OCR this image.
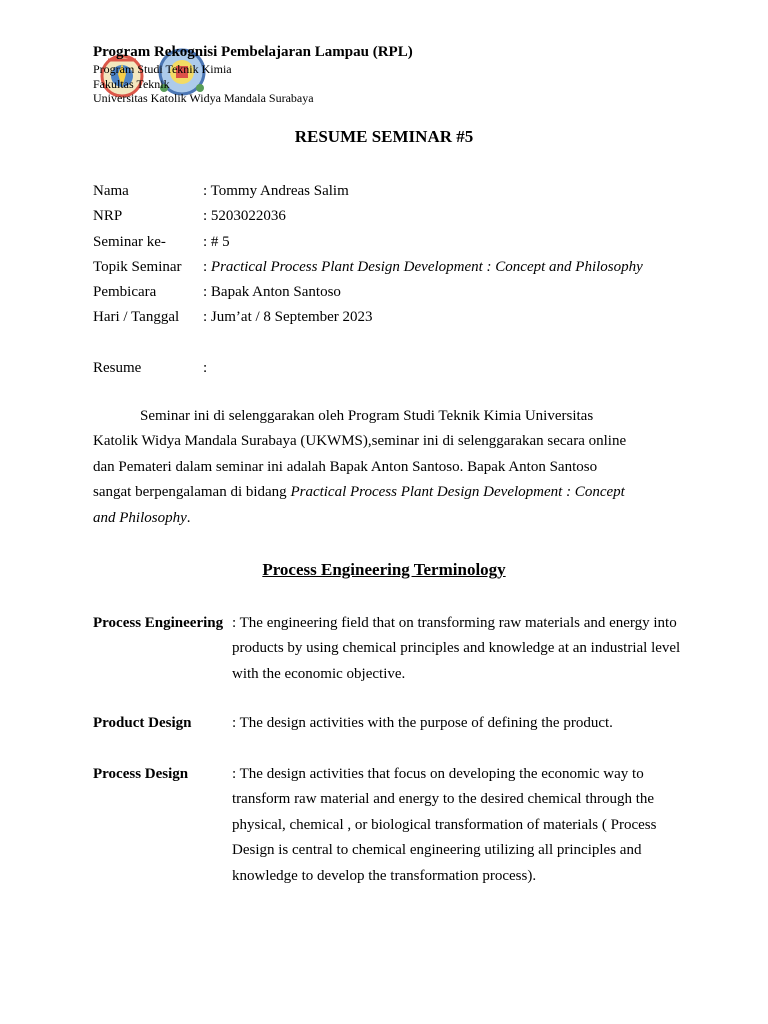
Program Rekognisi Pembelajaran Lampau (RPL)
Program Studi Teknik Kimia
Fakultas Teknik
Universitas Katolik Widya Mandala Surabaya
RESUME SEMINAR #5
Nama	: Tommy Andreas Salim
NRP	: 5203022036
Seminar ke- : # 5
Topik Seminar : Practical Process Plant Design Development : Concept and Philosophy
Pembicara	: Bapak Anton Santoso
Hari / Tanggal : Jum’at / 8 September 2023
Resume	:

Seminar ini di selenggarakan oleh Program Studi Teknik Kimia Universitas Katolik Widya Mandala Surabaya (UKWMS),seminar ini di selenggarakan secara online dan Pemateri dalam seminar ini adalah Bapak Anton Santoso. Bapak Anton Santoso sangat berpengalaman di bidang Practical Process Plant Design Development : Concept and Philosophy.

Process Engineering Terminology
Process Engineering : The engineering field that on transforming raw materials and energy into products by using chemical principles and knowledge at an industrial level with the economic objective.
Product Design	: The design activities with the purpose of defining the product.
Process Design	: The design activities that focus on developing the economic way to transform raw material and energy to the desired chemical through the physical, chemical , or biological transformation of materials ( Process Design is central to chemical engineering utilizing all principles and knowledge to develop the transformation process).
